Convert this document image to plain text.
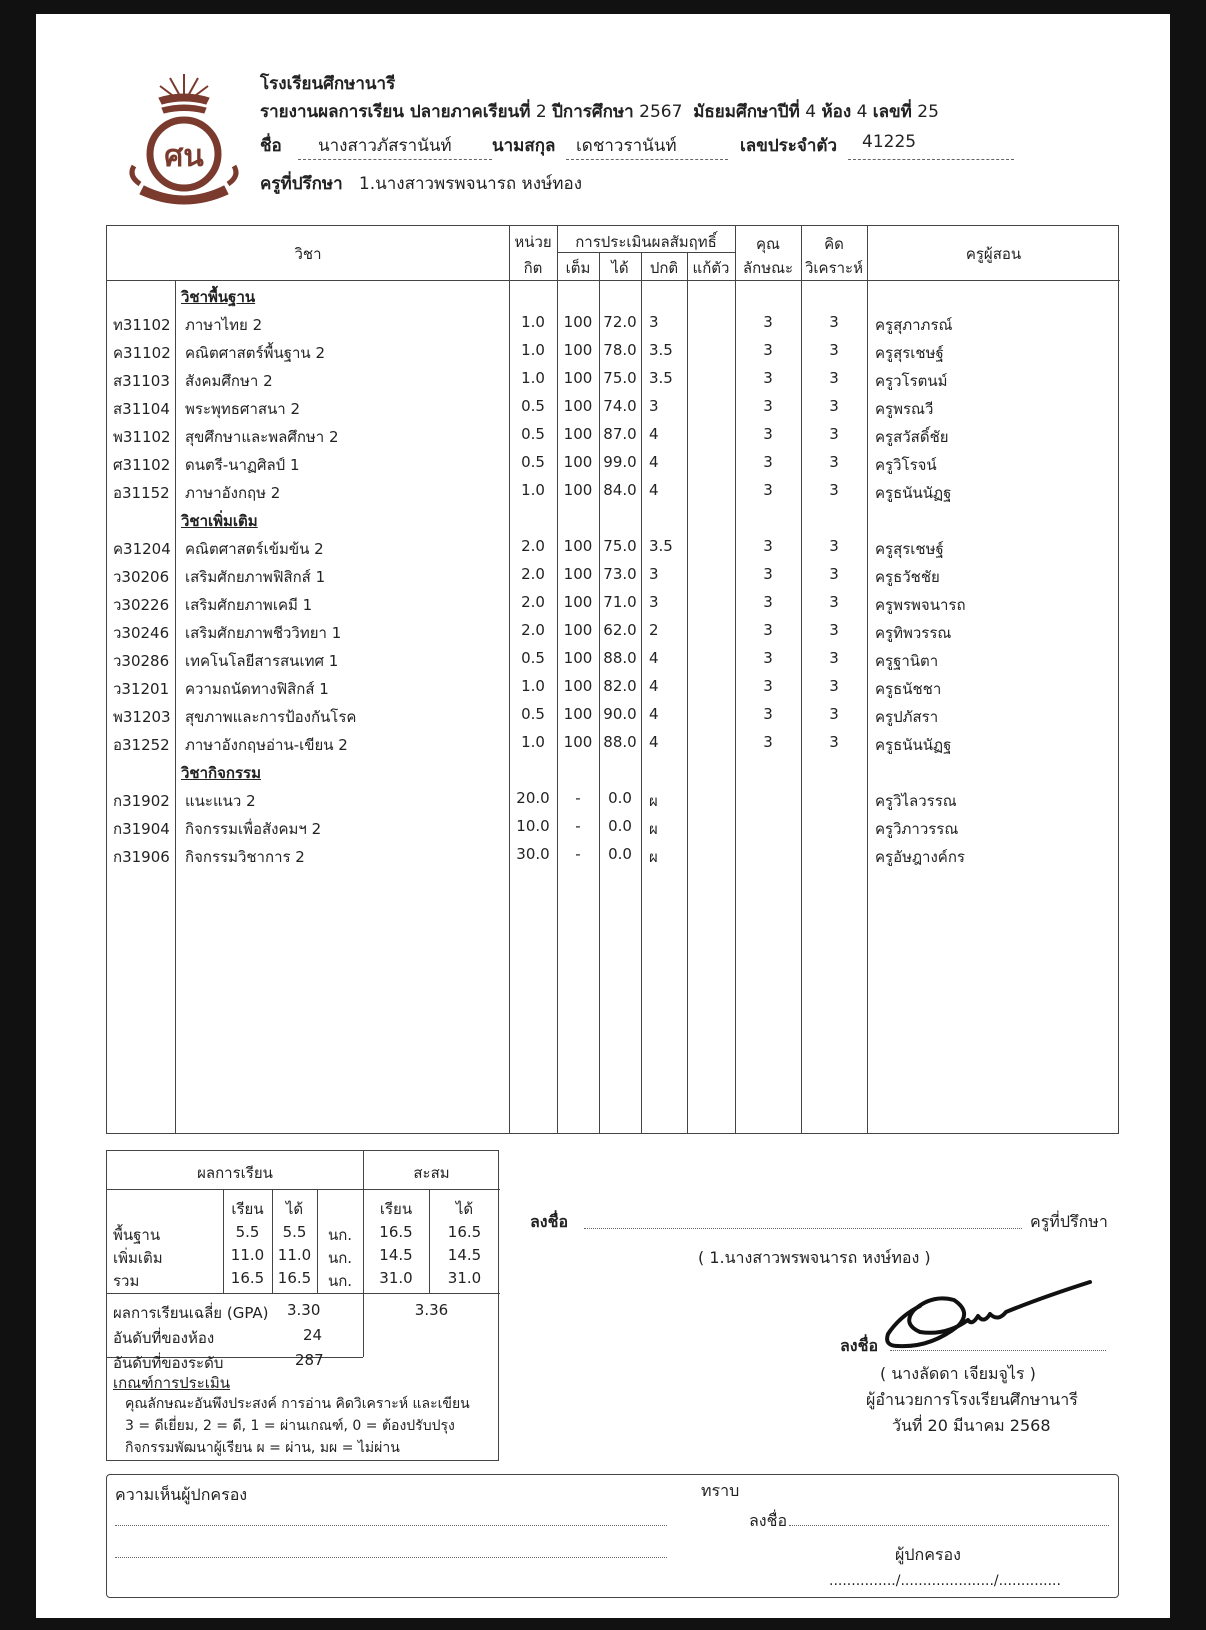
ศน
โรงเรียนศึกษานารี
รายงานผลการเรียน ปลายภาคเรียนที่ 2 ปีการศึกษา 2567 มัธยมศึกษาปีที่ 4 ห้อง 4 เลขที่ 25
ชื่อ นางสาวภัสรานันท์ นามสกุล เดชาวรานันท์	เลขประจำตัว 41225
ครูที่ปรึกษา 1.นางสาวพรพจนารถ หงษ์ทอง
วิชา
หน่วย
กิต
การประเมินผลสัมฤทธิ์
เต็ม	ได้	ปกติ แก้ตัว
คุณ
ลักษณะ
คิด
วิเคราะห์
ครูผู้สอน
วิชาพื้นฐาน
ท31102 ภาษาไทย 2	1.0	100 72.0 3	3	3	ครูสุภาภรณ์
ค31102 คณิตศาสตร์พื้นฐาน 2	1.0	100 78.0 3.5	3	3	ครูสุรเชษฐ์
ส31103 สังคมศึกษา 2	1.0	100 75.0 3.5	3	3	ครูวโรตนม์
ส31104 พระพุทธศาสนา 2	0.5	100 74.0 3	3	3	ครูพรณวี
พ31102 สุขศึกษาและพลศึกษา 2	0.5	100 87.0 4	3	3	ครูสวัสดิ์ชัย
ศ31102 ดนตรี-นาฏศิลป์ 1	0.5	100 99.0 4	3	3	ครูวิโรจน์
อ31152 ภาษาอังกฤษ 2	1.0	100 84.0 4	3	3	ครูธนันนัฏฐ
วิชาเพิ่มเติม
ค31204 คณิตศาสตร์เข้มข้น 2	2.0	100 75.0 3.5	3	3	ครูสุรเชษฐ์
ว30206 เสริมศักยภาพฟิสิกส์ 1	2.0	100 73.0 3	3	3	ครูธวัชชัย
ว30226 เสริมศักยภาพเคมี 1	2.0	100 71.0 3	3	3	ครูพรพจนารถ
ว30246 เสริมศักยภาพชีววิทยา 1	2.0	100 62.0 2	3	3	ครูทิพวรรณ
ว30286 เทคโนโลยีสารสนเทศ 1	0.5	100 88.0 4	3	3	ครูฐานิตา
ว31201 ความถนัดทางฟิสิกส์ 1	1.0	100 82.0 4	3	3	ครูธนัชชา
พ31203 สุขภาพและการป้องกันโรค	0.5	100 90.0 4	3	3	ครูปภัสรา
อ31252 ภาษาอังกฤษอ่าน-เขียน 2	1.0	100 88.0 4	3	3	ครูธนันนัฏฐ
วิชากิจกรรม
ก31902 แนะแนว 2	20.0	-	0.0	ผ	ครูวิไลวรรณ
ก31904 กิจกรรมเพื่อสังคมฯ 2	10.0	-	0.0	ผ	ครูวิภาวรรณ
ก31906 กิจกรรมวิชาการ 2	30.0	-	0.0	ผ	ครูอัษฎางค์กร
ผลการเรียน	สะสม
เรียน	ได้	เรียน	ได้
พื้นฐาน	5.5	5.5	นก.	16.5	16.5
เพิ่มเติม	11.0 11.0	นก.	14.5	14.5
รวม	16.5 16.5	นก.	31.0	31.0
ผลการเรียนเฉลี่ย (GPA) 3.30	3.36
อันดับที่ของห้อง	24
อันดับที่ของระดับ	287
เกณฑ์การประเมิน
คุณลักษณะอันพึงประสงค์ การอ่าน คิดวิเคราะห์ และเขียน
3 = ดีเยี่ยม, 2 = ดี, 1 = ผ่านเกณฑ์, 0 = ต้องปรับปรุง
กิจกรรมพัฒนาผู้เรียน ผ = ผ่าน, มผ = ไม่ผ่าน
ลงชื่อ	ครูที่ปรึกษา
( 1.นางสาวพรพจนารถ หงษ์ทอง )
ลงชื่อ
( นางลัดดา เจียมจูไร )
ผู้อำนวยการโรงเรียนศึกษานารี
วันที่ 20 มีนาคม 2568
ความเห็นผู้ปกครอง	ทราบ
ลงชื่อ
ผู้ปกครอง
.............../...................../..............
